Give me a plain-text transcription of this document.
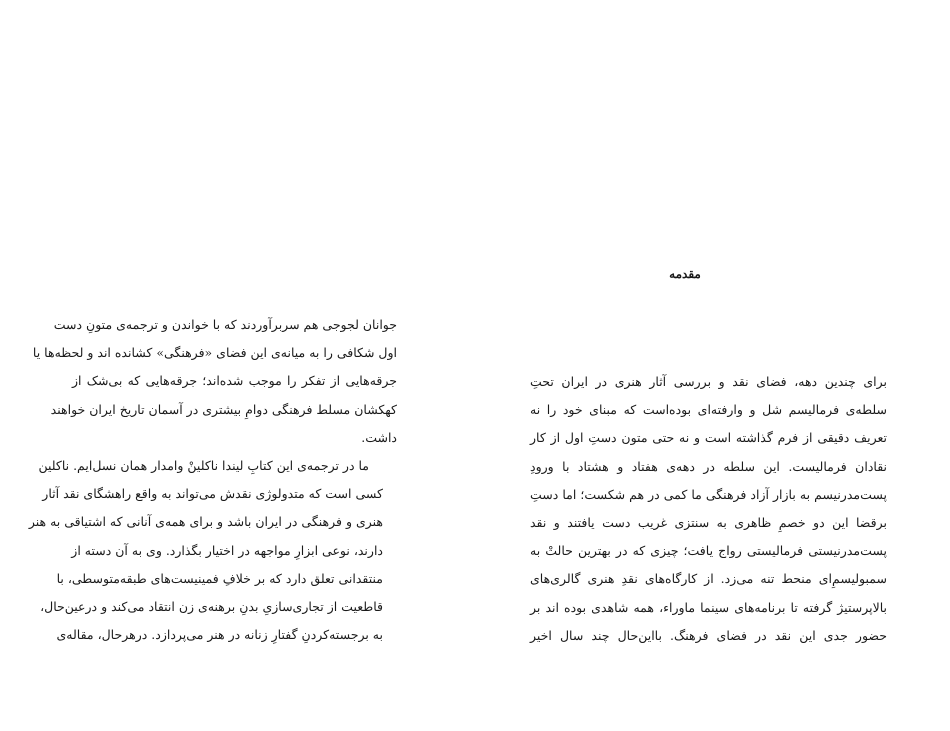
جوانان لجوجی هم سربرآوردند که با خواندن و ترجمه‌ی متونِ دست
اول شکافی را به میانه‌ی این فضای «فرهنگی» کشانده اند و لحظه‌ها یا
جرقه‌هایی از تفکر را موجب شده‌اند؛ جرقه‌هایی که بی‌شک از
کهکشان مسلط فرهنگی دوامِ بیشتری در آسمان تاریخ ایران خواهند
داشت.

ما در ترجمه‌ی این کتابِ لیندا ناکلینْ وامدار همان نسل‌ایم. ناکلین
کسی است که متدولوژی نقدش می‌تواند به واقع راهشگای نقد آثار
هنری و فرهنگی در ایران باشد و برای همه‌ی آنانی که اشتیاقی به هنر
دارند، نوعی ابزارِ مواجهه در اختیار بگذارد. وی به آن دسته از
منتقدانی تعلق دارد که بر خلافِ فمینیست‌های طبقه‌متوسطی، با
قاطعیت از تجاری‌سازیِ بدنِ برهنه‌ی زن انتقاد می‌کند و درعین‌حال،
به برجسته‌کردنِ گفتارِ زنانه در هنر می‌پردازد. درهرحال، مقاله‌ی

مقدمه

برای چندین دهه، فضای نقد و بررسی آثار هنری در ایران تحتِ
سلطه‌ی فرمالیسم شل و وارفته‌ای بوده‌است که مبنای خود را نه
تعریف دقیقی از فرم گذاشته است و نه حتی متون دستِ اول از کار
نقادان فرمالیست. این سلطه در دهه‌ی هفتاد و هشتاد با ورودِ
پست‌مدرنیسم به بازار آزاد فرهنگی ما کمی در هم شکست؛ اما دستِ
برقضا این دو خصمِ ظاهری به سنتزی غریب دست یافتند و نقد
پست‌مدرنیستی فرمالیستی رواج یافت؛ چیزی که در بهترین حالتْ به
سمبولیسمِ‌ای منحط تنه می‌زد. از کارگاه‌های نقدِ هنری گالری‌های
بالاپرستیژ گرفته تا برنامه‌های سینما ماوراء، همه شاهدی بوده اند بر
حضور جدی این نقد در فضای فرهنگ. بااین‌حال چند سال اخیر
